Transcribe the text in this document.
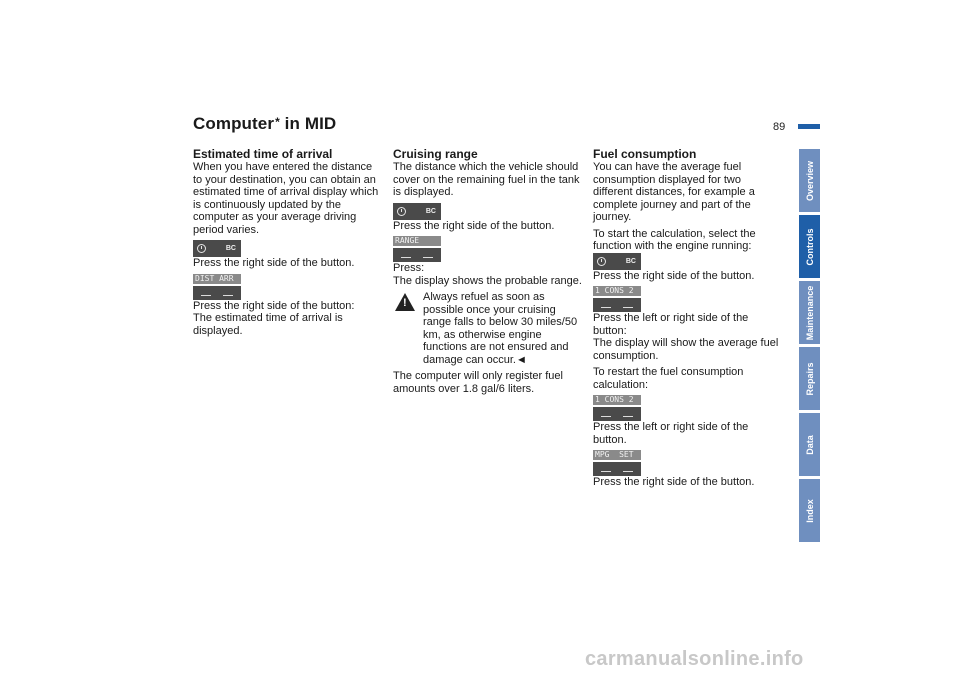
Computer* in MID	89
Estimated time of arrival

When you have entered the distance to your destination, you can obtain an estimated time of arrival display which is continuously updated by the computer as your average driving period varies.

BC

Press the right side of the button.

DIST ARR

Press the right side of the button:

The estimated time of arrival is displayed.

Cruising range

The distance which the vehicle should cover on the remaining fuel in the tank is displayed.

BC

Press the right side of the button.

RANGE

Press:

The display shows the probable range.

! Always refuel as soon as possible once your cruising range falls to below 30 miles/50 km, as otherwise engine functions are not ensured and damage can occur.◄

The computer will only register fuel amounts over 1.8 gal/6 liters.

Fuel consumption

You can have the average fuel consumption displayed for two different distances, for example a complete journey and part of the journey.

To start the calculation, select the function with the engine running:

BC

Press the right side of the button.

1 CONS 2

Press the left or right side of the button:

The display will show the average fuel consumption.

To restart the fuel consumption calculation:

1 CONS 2

Press the left or right side of the button.

MPG  SET

Press the right side of the button.

Overview
Controls
Maintenance
Repairs
Data
Index
carmanualsonline.info
